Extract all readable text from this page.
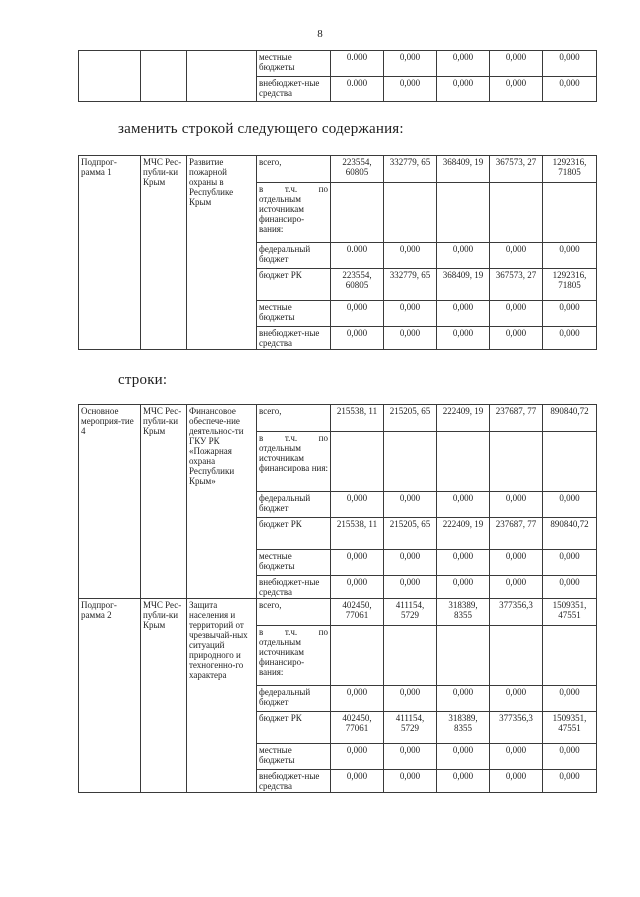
8
			местные бюджеты	0.000	0,000	0,000	0,000	0,000
			внебюджет-ные средства	0.000	0,000	0,000	0,000	0,000
заменить строкой следующего содержания:
Подпрог-рамма 1	МЧС Рес-публи-ки Крым	Развитие пожарной охраны в Республике Крым	всего,	223554, 60805	332779, 65	368409, 19	367573, 27	1292316, 71805
			в т.ч. по отдельным источникам финансиро-вания:					
			федеральный бюджет	0.000	0,000	0,000	0,000	0,000
			бюджет РК	223554, 60805	332779, 65	368409, 19	367573, 27	1292316, 71805
			местные бюджеты	0,000	0,000	0,000	0,000	0,000
			внебюджет-ные средства	0,000	0,000	0,000	0,000	0,000
строки:
Основное мероприя-тие 4	МЧС Рес-публи-ки Крым	Финансовое обеспече-ние деятельнос-ти ГКУ РК «Пожарная охрана Республики Крым»	всего,	215538, 11	215205, 65	222409, 19	237687, 77	890840,72
			в т.ч. по отдельным источникам финансирова ния:					
			федеральный бюджет	0,000	0,000	0,000	0,000	0,000
			бюджет РК	215538, 11	215205, 65	222409, 19	237687, 77	890840,72
			местные бюджеты	0,000	0,000	0,000	0,000	0,000
			внебюджет-ные средства	0,000	0,000	0,000	0,000	0,000
Подпрог-рамма 2	МЧС Рес-публи-ки Крым	Защита населения и территорий от чрезвычай-ных ситуаций природного и техногенно-го характера	всего,	402450, 77061	411154, 5729	318389, 8355	377356,3	1509351, 47551
			в т.ч. по отдельным источникам финансиро-вания:					
			федеральный бюджет	0,000	0,000	0,000	0,000	0,000
			бюджет РК	402450, 77061	411154, 5729	318389, 8355	377356,3	1509351, 47551
			местные бюджеты	0,000	0,000	0,000	0,000	0,000
			внебюджет-ные средства	0,000	0,000	0,000	0,000	0,000
